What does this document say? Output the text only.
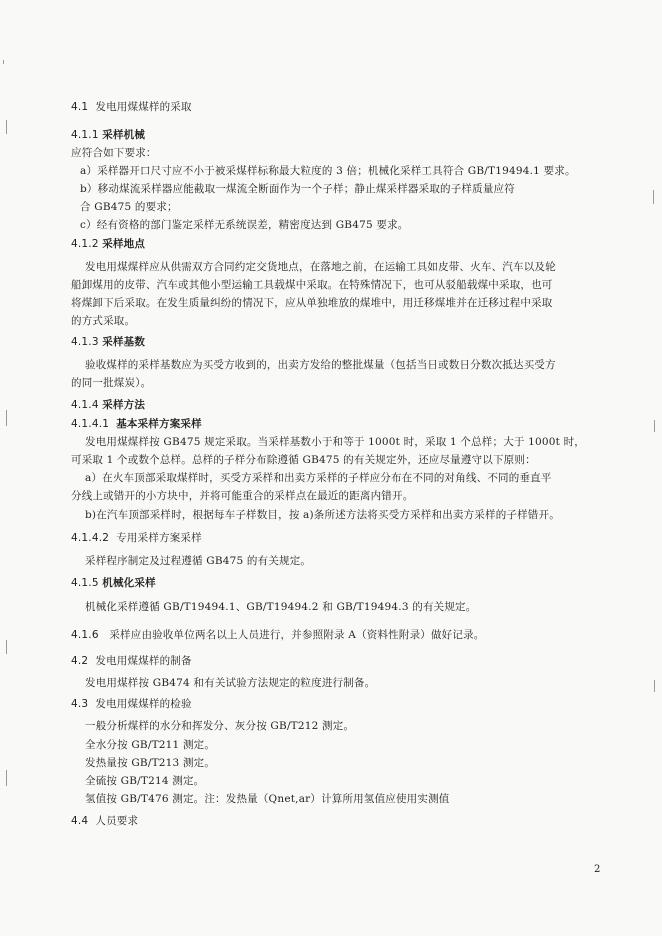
4.1 发电用煤煤样的采取
4.1.1 采样机械
应符合如下要求：
a）采样器开口尺寸应不小于被采煤样标称最大粒度的 3 倍；机械化采样工具符合 GB/T19494.1 要求。
b）移动煤流采样器应能截取一煤流全断面作为一个子样；静止煤采样器采取的子样质量应符
合 GB475 的要求；
c）经有资格的部门鉴定采样无系统误差，精密度达到 GB475 要求。
4.1.2 采样地点
发电用煤煤样应从供需双方合同约定交货地点，在落地之前，在运输工具如皮带、火车、汽车以及轮
船卸煤用的皮带、汽车或其他小型运输工具载煤中采取。在特殊情况下，也可从驳船载煤中采取，也可
将煤卸下后采取。在发生质量纠纷的情况下，应从单独堆放的煤堆中，用迁移煤堆并在迁移过程中采取
的方式采取。
4.1.3 采样基数
验收煤样的采样基数应为买受方收到的，出卖方发给的整批煤量（包括当日或数日分数次抵达买受方
的同一批煤炭）。
4.1.4 采样方法
4.1.4.1 基本采样方案采样
发电用煤煤样按 GB475 规定采取。当采样基数小于和等于 1000t 时，采取 1 个总样；大于 1000t 时，
可采取 1 个或数个总样。总样的子样分布除遵循 GB475 的有关规定外，还应尽量遵守以下原则：
a）在火车顶部采取煤样时，买受方采样和出卖方采样的子样应分布在不同的对角线、不同的垂直平
分线上或错开的小方块中，并将可能重合的采样点在最近的距离内错开。
b)在汽车顶部采样时，根据每车子样数目，按 a)条所述方法将买受方采样和出卖方采样的子样错开。
4.1.4.2 专用采样方案采样
采样程序制定及过程遵循 GB475 的有关规定。
4.1.5 机械化采样
机械化采样遵循 GB/T19494.1、GB/T19494.2 和 GB/T19494.3 的有关规定。
4.1.6 采样应由验收单位两名以上人员进行，并参照附录 A（资料性附录）做好记录。
4.2 发电用煤煤样的制备
发电用煤样按 GB474 和有关试验方法规定的粒度进行制备。
4.3 发电用煤煤样的检验
一般分析煤样的水分和挥发分、灰分按 GB/T212 测定。
全水分按 GB/T211 测定。
发热量按 GB/T213 测定。
全硫按 GB/T214 测定。
氢值按 GB/T476 测定。注：发热量（Qnet,ar）计算所用氢值应使用实测值
4.4 人员要求
2
